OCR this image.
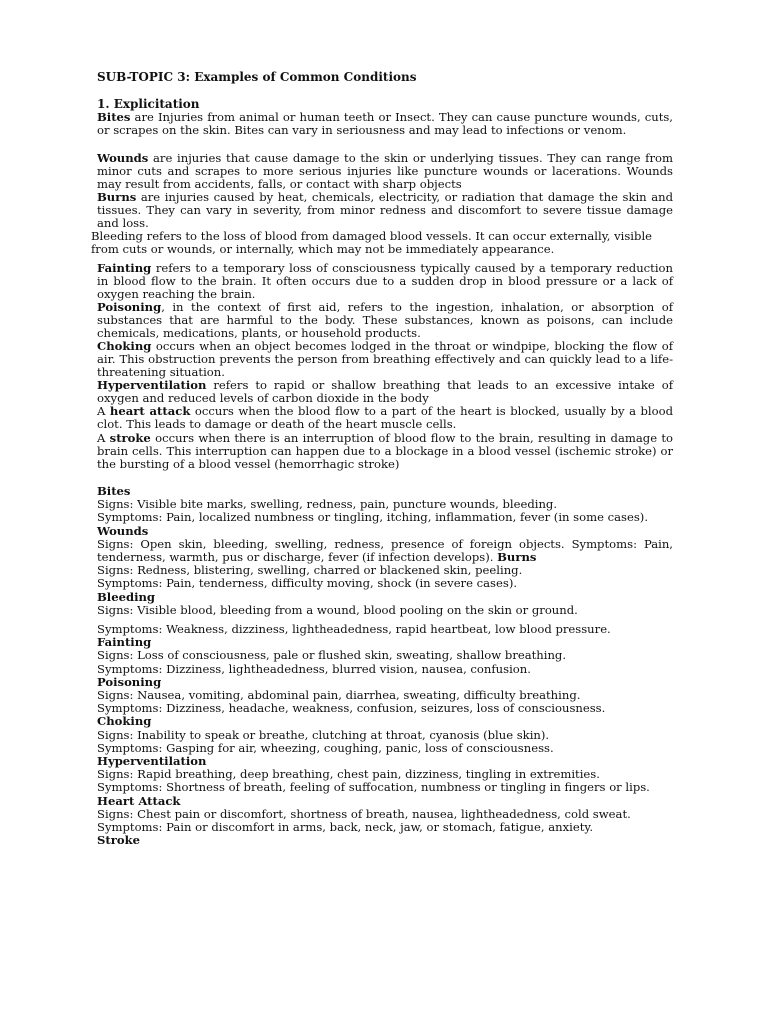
SUB-TOPIC 3: Examples of Common Conditions
1. Explicitation

Bites are Injuries from animal or human teeth or Insect. They can cause puncture wounds, cuts, or scrapes on the skin. Bites can vary in seriousness and may lead to infections or venom.

Wounds are injuries that cause damage to the skin or underlying tissues. They can range from minor cuts and scrapes to more serious injuries like puncture wounds or lacerations. Wounds may result from accidents, falls, or contact with sharp objects

Burns are injuries caused by heat, chemicals, electricity, or radiation that damage the skin and tissues. They can vary in severity, from minor redness and discomfort to severe tissue damage and loss.

Bleeding refers to the loss of blood from damaged blood vessels. It can occur externally, visible from cuts or wounds, or internally, which may not be immediately appearance.

Fainting refers to a temporary loss of consciousness typically caused by a temporary reduction in blood flow to the brain. It often occurs due to a sudden drop in blood pressure or a lack of oxygen reaching the brain.

Poisoning, in the context of first aid, refers to the ingestion, inhalation, or absorption of substances that are harmful to the body. These substances, known as poisons, can include chemicals, medications, plants, or household products.

Choking occurs when an object becomes lodged in the throat or windpipe, blocking the flow of air. This obstruction prevents the person from breathing effectively and can quickly lead to a life-threatening situation.

Hyperventilation refers to rapid or shallow breathing that leads to an excessive intake of oxygen and reduced levels of carbon dioxide in the body

A heart attack occurs when the blood flow to a part of the heart is blocked, usually by a blood clot. This leads to damage or death of the heart muscle cells.

A stroke occurs when there is an interruption of blood flow to the brain, resulting in damage to brain cells. This interruption can happen due to a blockage in a blood vessel (ischemic stroke) or the bursting of a blood vessel (hemorrhagic stroke)

Bites

Signs: Visible bite marks, swelling, redness, pain, puncture wounds, bleeding.

Symptoms: Pain, localized numbness or tingling, itching, inflammation, fever (in some cases).

Wounds

Signs: Open skin, bleeding, swelling, redness, presence of foreign objects. Symptoms: Pain, tenderness, warmth, pus or discharge, fever (if infection develops). Burns

Signs: Redness, blistering, swelling, charred or blackened skin, peeling.

Symptoms: Pain, tenderness, difficulty moving, shock (in severe cases).

Bleeding

Signs: Visible blood, bleeding from a wound, blood pooling on the skin or ground.

Symptoms: Weakness, dizziness, lightheadedness, rapid heartbeat, low blood pressure.

Fainting

Signs: Loss of consciousness, pale or flushed skin, sweating, shallow breathing.

Symptoms: Dizziness, lightheadedness, blurred vision, nausea, confusion.

Poisoning

Signs: Nausea, vomiting, abdominal pain, diarrhea, sweating, difficulty breathing.

Symptoms: Dizziness, headache, weakness, confusion, seizures, loss of consciousness.

Choking

Signs: Inability to speak or breathe, clutching at throat, cyanosis (blue skin).

Symptoms: Gasping for air, wheezing, coughing, panic, loss of consciousness.

Hyperventilation

Signs: Rapid breathing, deep breathing, chest pain, dizziness, tingling in extremities.

Symptoms: Shortness of breath, feeling of suffocation, numbness or tingling in fingers or lips.

Heart Attack

Signs: Chest pain or discomfort, shortness of breath, nausea, lightheadedness, cold sweat.

Symptoms: Pain or discomfort in arms, back, neck, jaw, or stomach, fatigue, anxiety.

Stroke
